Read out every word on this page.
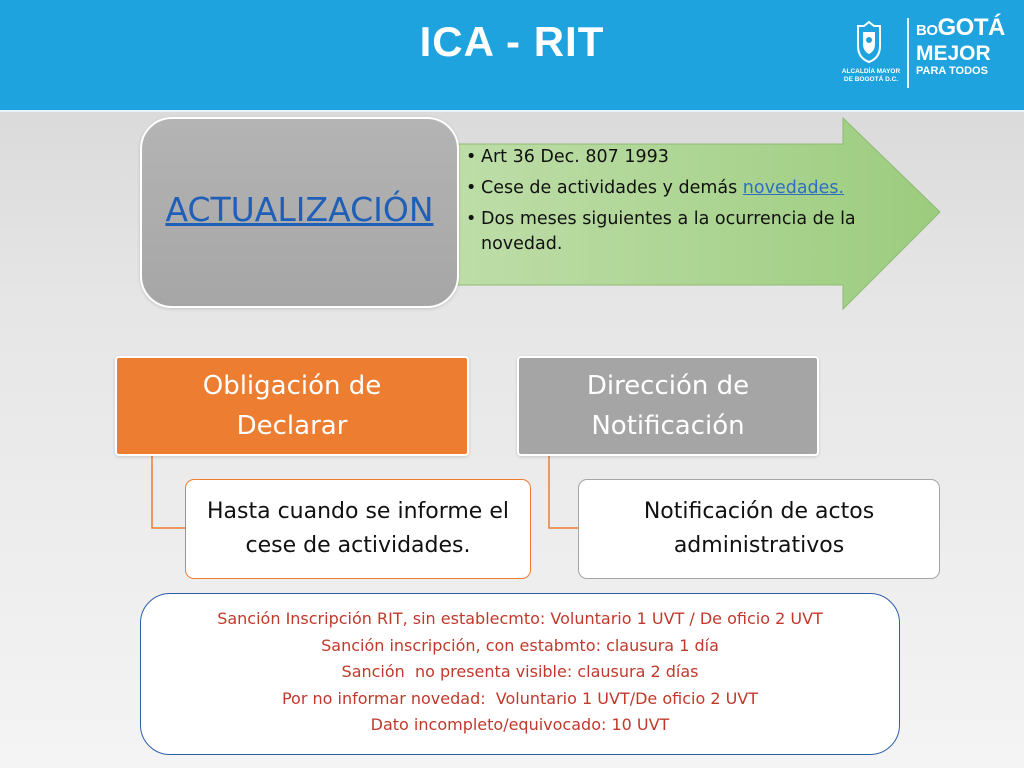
ICA - RIT
ALCALDÍA MAYOR
DE BOGOTÁ D.C.
BOGOTÁ
MEJOR
PARA TODOS
ACTUALIZACIÓN
• Art 36 Dec. 807 1993
• Cese de actividades y demás novedades.
• Dos meses siguientes a la ocurrencia de la novedad.
Obligación de Declarar
Dirección de Notificación
Hasta cuando se informe el cese de actividades.
Notificación de actos administrativos
Sanción Inscripción RIT, sin establecmto: Voluntario 1 UVT / De oficio 2 UVT
Sanción inscripción, con estabmto: clausura 1 día
Sanción  no presenta visible: clausura 2 días
Por no informar novedad:  Voluntario 1 UVT/De oficio 2 UVT
Dato incompleto/equivocado: 10 UVT
